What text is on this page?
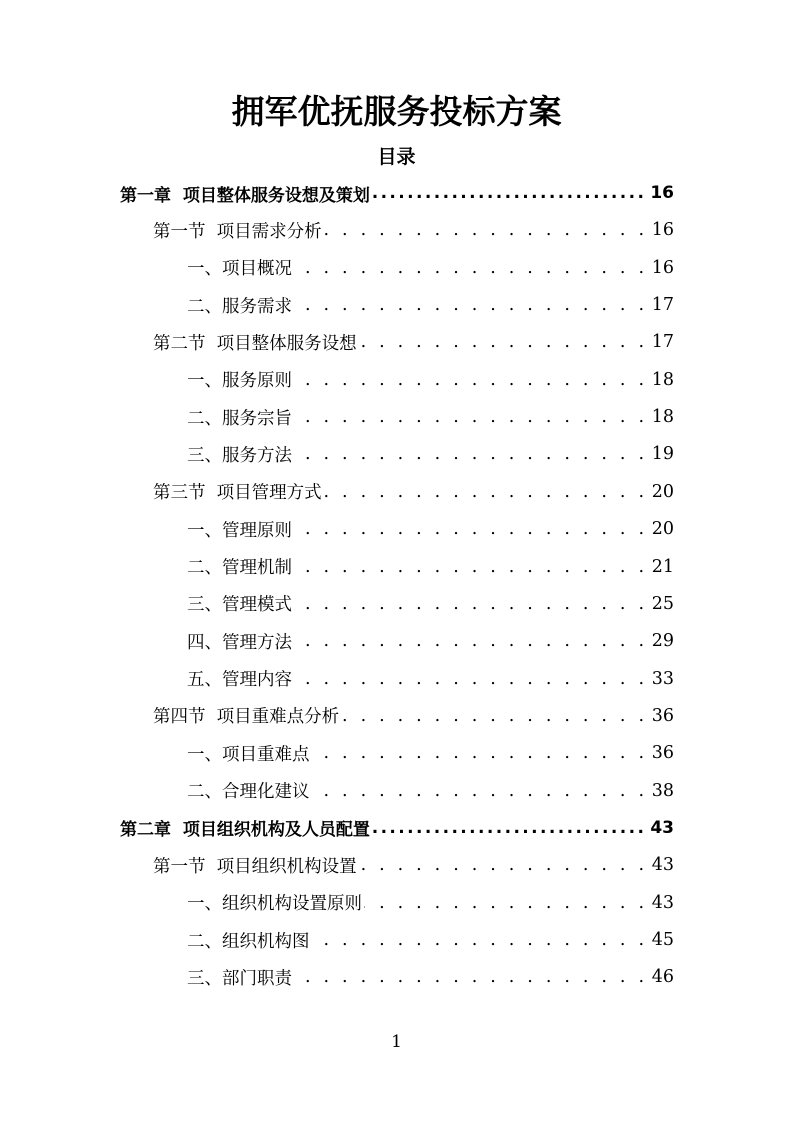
拥军优抚服务投标方案
目录
第一章  项目整体服务设想及策划 .....	16
第一节  项目需求分析 . . .	16
一、项目概况 . . .	16
二、服务需求 . . .	17
第二节  项目整体服务设想 . . .	17
一、服务原则 . . .	18
二、服务宗旨 . . .	18
三、服务方法 . . .	19
第三节  项目管理方式 . . .	20
一、管理原则 . . .	20
二、管理机制 . . .	21
三、管理模式 . . .	25
四、管理方法 . . .	29
五、管理内容 . . .	33
第四节  项目重难点分析 . . .	36
一、项目重难点 . . .	36
二、合理化建议 . . .	38
第二章  项目组织机构及人员配置 .....	43
第一节  项目组织机构设置 . . .	43
一、组织机构设置原则 . . .	43
二、组织机构图 . . .	45
三、部门职责 . . .	46
1
